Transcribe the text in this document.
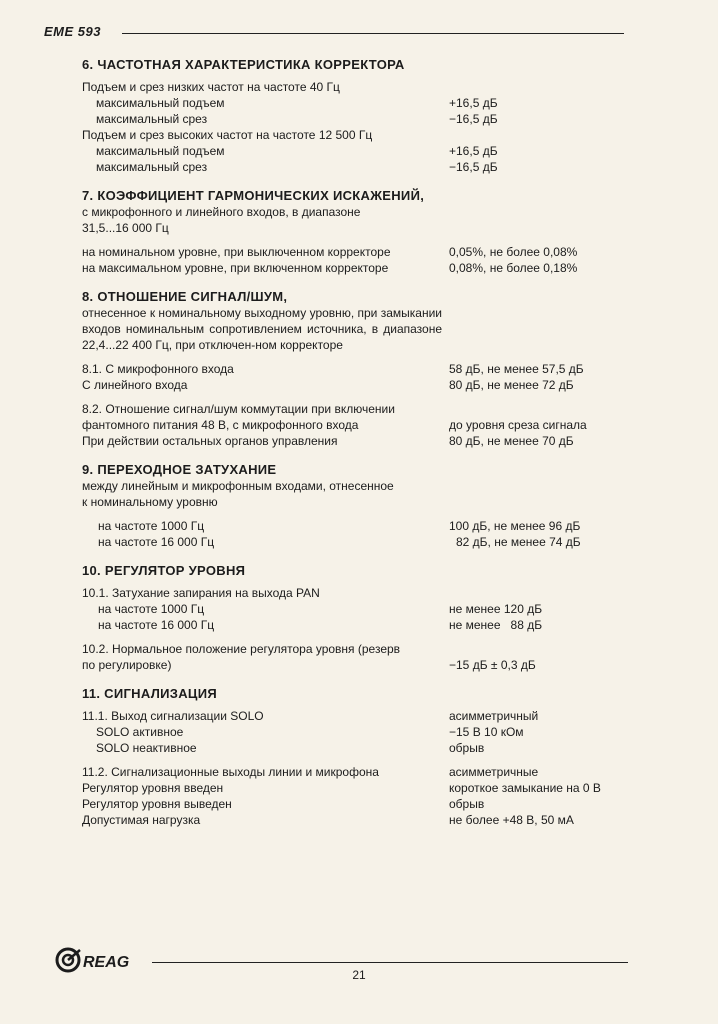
EME 593
6. ЧАСТОТНАЯ ХАРАКТЕРИСТИКА КОРРЕКТОРА
Подъем и срез низких частот на частоте 40 Гц
максимальный подъем	+16,5 дБ
максимальный срез	−16,5 дБ
Подъем и срез высоких частот на частоте 12 500 Гц
максимальный подъем	+16,5 дБ
максимальный срез	−16,5 дБ
7. КОЭФФИЦИЕНТ ГАРМОНИЧЕСКИХ ИСКАЖЕНИЙ,
с микрофонного и линейного входов, в диапазоне
31,5...16 000 Гц
на номинальном уровне, при выключенном корректоре	0,05%, не более 0,08%
на максимальном уровне, при включенном корректоре	0,08%, не более 0,18%
8. ОТНОШЕНИЕ СИГНАЛ/ШУМ,
отнесенное к номинальному выходному уровню, при замыкании входов номинальным сопротивлением источника, в диапазоне 22,4...22 400 Гц, при отключен-ном корректоре
8.1. С микрофонного входа	58 дБ, не менее 57,5 дБ
С линейного входа	80 дБ, не менее 72 дБ
8.2. Отношение сигнал/шум коммутации при включении
фантомного питания 48 В, с микрофонного входа	до уровня среза сигнала
При действии остальных органов управления	80 дБ, не менее 70 дБ
9. ПЕРЕХОДНОЕ ЗАТУХАНИЕ
между линейным и микрофонным входами, отнесенное
к номинальному уровню
на частоте 1000 Гц	100 дБ, не менее 96 дБ
на частоте 16 000 Гц	82 дБ, не менее 74 дБ
10. РЕГУЛЯТОР УРОВНЯ
10.1. Затухание запирания на выхода PAN
на частоте 1000 Гц	не менее 120 дБ
на частоте 16 000 Гц	не менее   88 дБ
10.2. Нормальное положение регулятора уровня (резерв
по регулировке)	−15 дБ ± 0,3 дБ
11. СИГНАЛИЗАЦИЯ
11.1. Выход сигнализации SOLO	асимметричный
SOLO активное	−15 В 10 кОм
SOLO неактивное	обрыв
11.2. Сигнализационные выходы линии и микрофона	асимметричные
Регулятор уровня введен	короткое замыкание на 0 В
Регулятор уровня выведен	обрыв
Допустимая нагрузка	не более +48 В, 50 мА
REAG
21
